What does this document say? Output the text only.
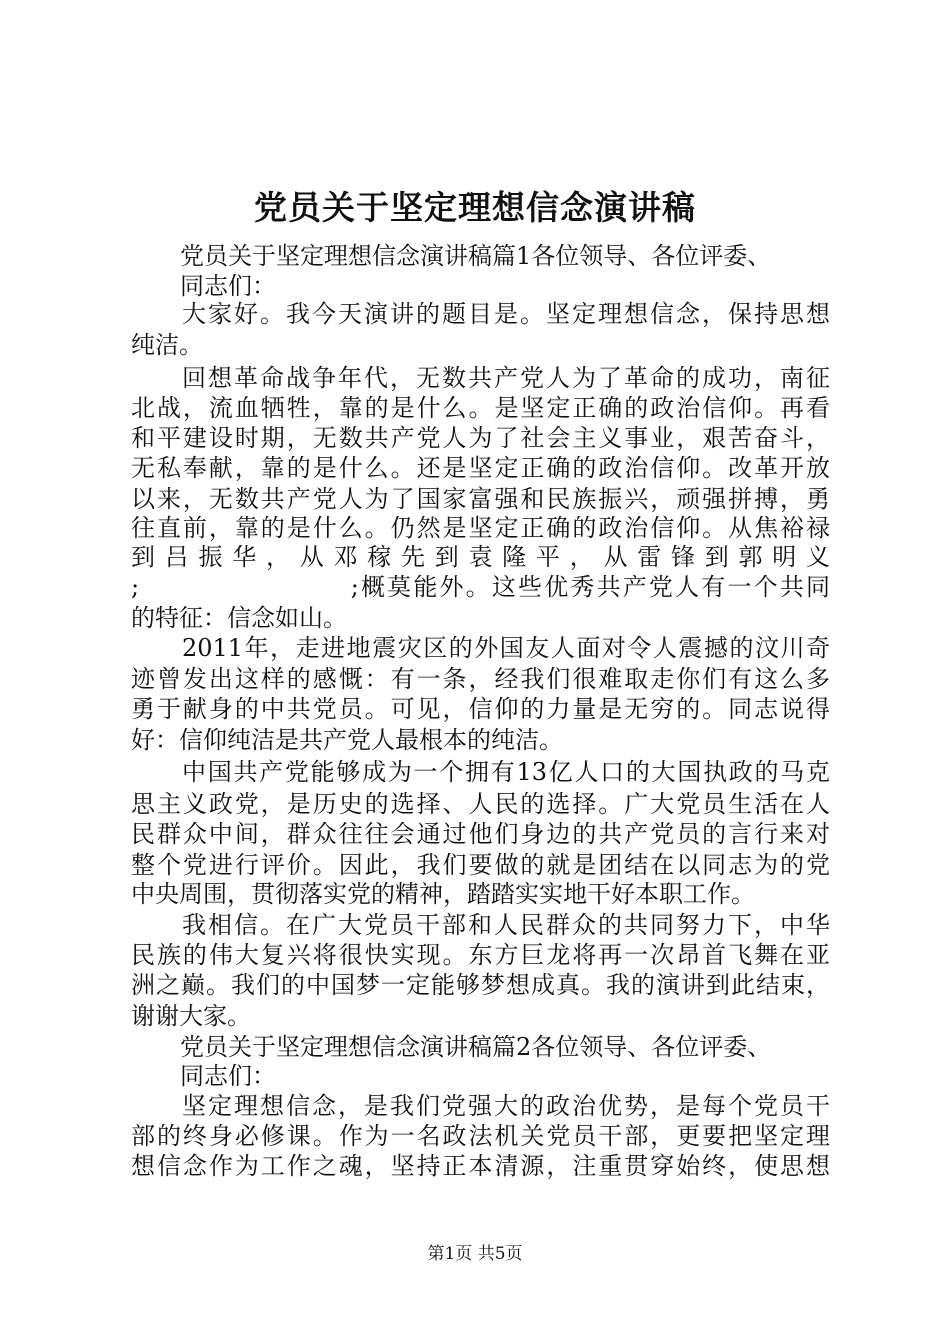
党员关于坚定理想信念演讲稿
党员关于坚定理想信念演讲稿篇1各位领导、各位评委、
同志们：
大家好。我今天演讲的题目是。坚定理想信念，保持思想
纯洁。
回想革命战争年代，无数共产党人为了革命的成功，南征
北战，流血牺牲，靠的是什么。是坚定正确的政治信仰。再看
和平建设时期，无数共产党人为了社会主义事业，艰苦奋斗，
无私奉献，靠的是什么。还是坚定正确的政治信仰。改革开放
以来，无数共产党人为了国家富强和民族振兴，顽强拼搏，勇
往直前，靠的是什么。仍然是坚定正确的政治信仰。从焦裕禄
到吕振华，从邓稼先到袁隆平，从雷锋到郭明义
;　　　　　　　　;概莫能外。这些优秀共产党人有一个共同
的特征：信念如山。
2011年，走进地震灾区的外国友人面对令人震撼的汶川奇
迹曾发出这样的感慨：有一条，经我们很难取走你们有这么多
勇于献身的中共党员。可见，信仰的力量是无穷的。同志说得
好：信仰纯洁是共产党人最根本的纯洁。
中国共产党能够成为一个拥有13亿人口的大国执政的马克
思主义政党，是历史的选择、人民的选择。广大党员生活在人
民群众中间，群众往往会通过他们身边的共产党员的言行来对
整个党进行评价。因此，我们要做的就是团结在以同志为的党
中央周围，贯彻落实党的精神，踏踏实实地干好本职工作。
我相信。在广大党员干部和人民群众的共同努力下，中华
民族的伟大复兴将很快实现。东方巨龙将再一次昂首飞舞在亚
洲之巅。我们的中国梦一定能够梦想成真。我的演讲到此结束，
谢谢大家。
党员关于坚定理想信念演讲稿篇2各位领导、各位评委、
同志们：
坚定理想信念，是我们党强大的政治优势，是每个党员干
部的终身必修课。作为一名政法机关党员干部，更要把坚定理
想信念作为工作之魂，坚持正本清源，注重贯穿始终，使思想
第1页 共5页
